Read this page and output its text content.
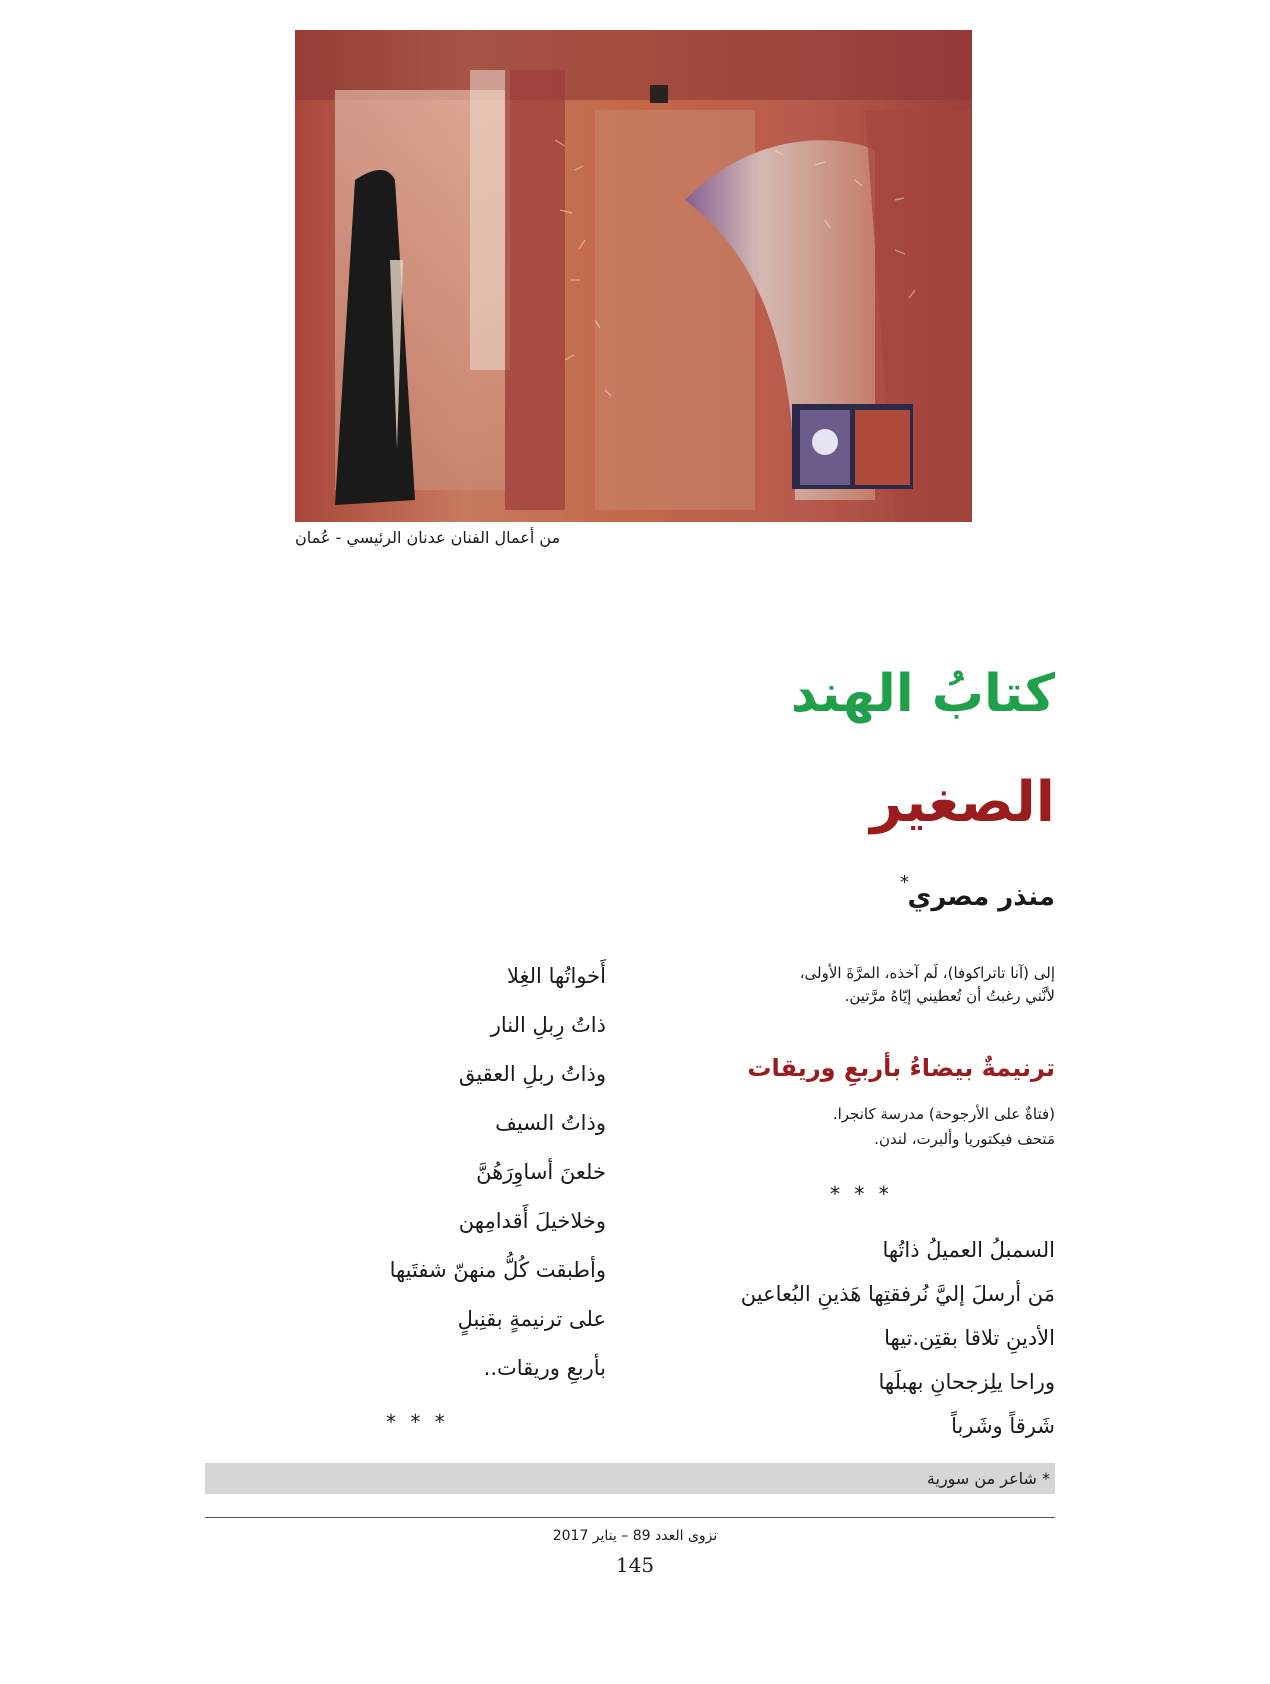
من أعمال الفنان عدنان الرئيسي - عُمان
كتابُ الهند
الصغير
منذر مصري
*
إلى (آنا تاتراكوفا)، لَم آخذه، المرَّةَ الأولى،
لأنَّني رغبتُ أن تُعطيني إيّاهُ مرَّتين.
ترنيمةٌ بيضاءُ بأربعِ وريقات
(فتاةٌ على الأرجوحة) مدرسة كانجرا.
مَتحف فيكتوريا وألبرت، لندن.
* * *
السمبلُ العميلُ ذاتُها
مَن أرسلَ إليَّ نُرفقتِها هَذينِ البُعاعين
الأدينِ تلاقا بقتِن.تيها
وراحا يلِزجحانِ بهبلَها
شَرقاً وشَرباً
أَخواتُها الغِلا
ذاتُ رِبلِ النار
وذاتُ ربلِ العقيق
وذاتُ السيف
خلعنَ أساوِرَهُنَّ
وخلاخيلَ أَقدامِهن
وأطبقت كُلُّ منهنّ شفتَيها
على ترنيمةٍ بقنِبلٍ
بأربعِ وريقات..
* * *
* شاعر من سورية
نزوى العدد 89 – يناير 2017
145
